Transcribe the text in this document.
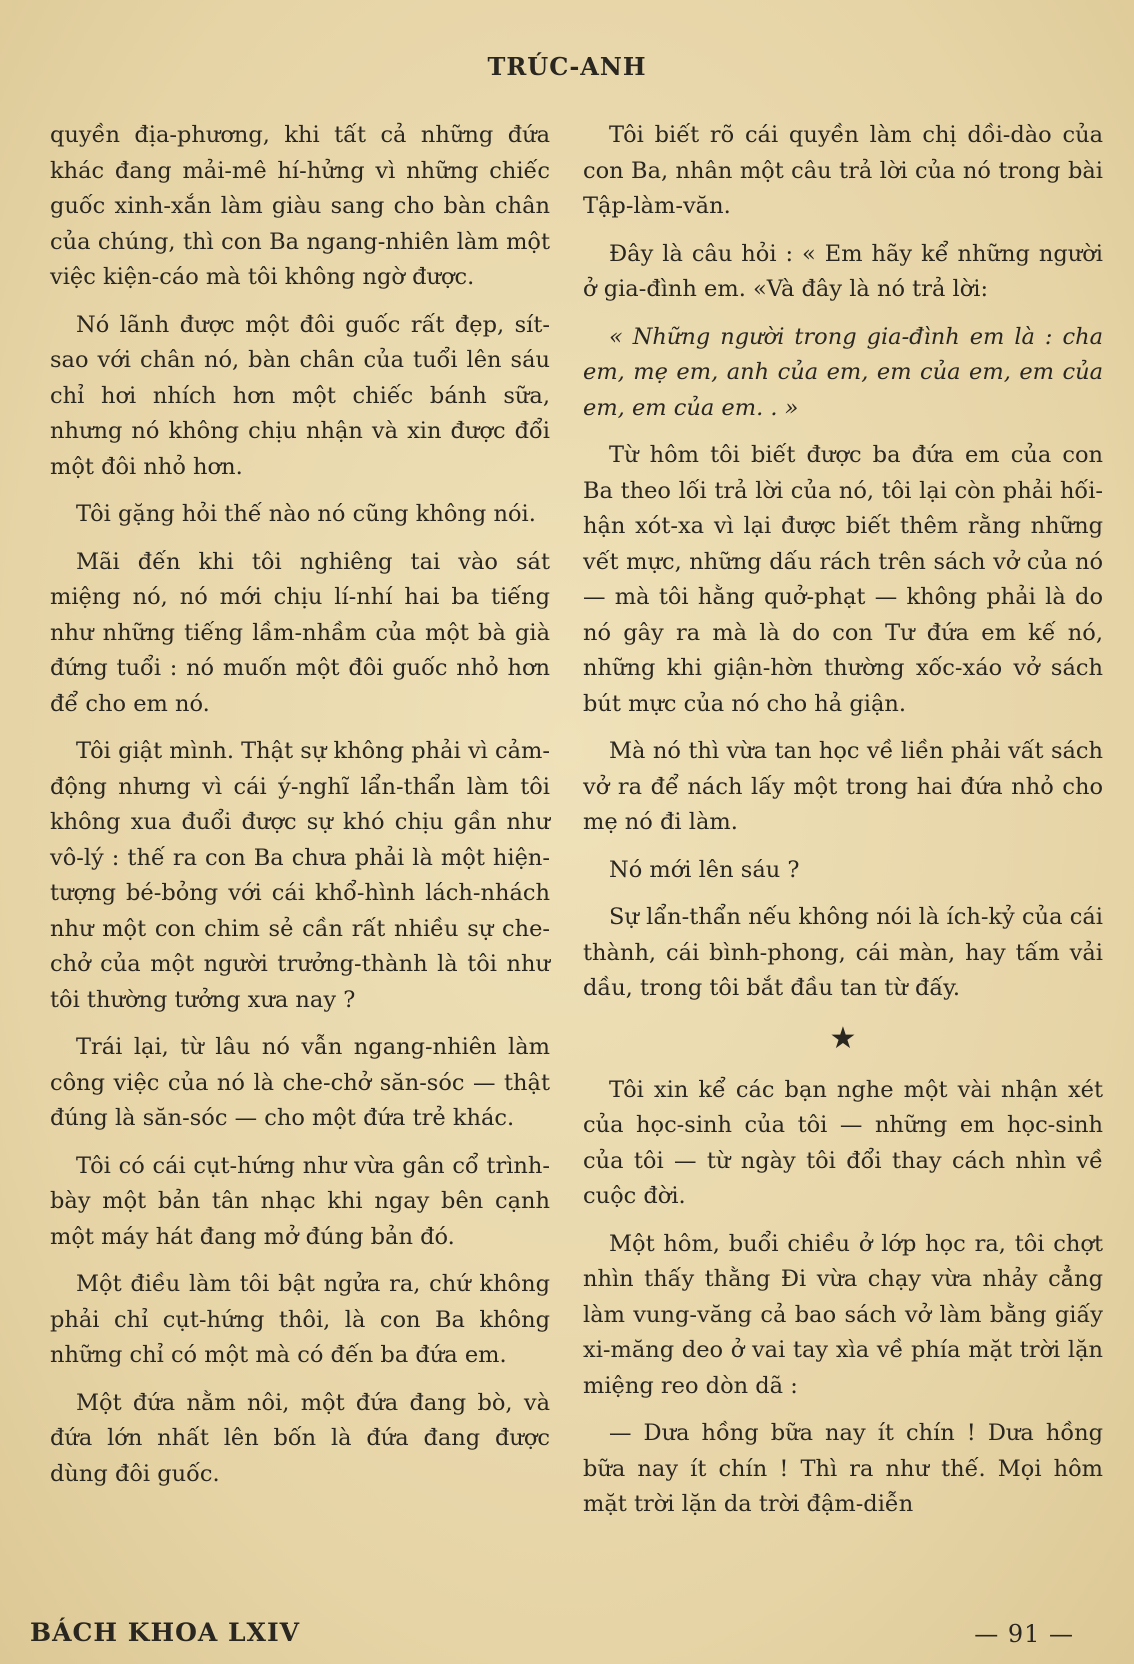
TRÚC-ANH

quyền địa-phương, khi tất cả những đứa khác đang mải-mê hí-hửng vì những chiếc guốc xinh-xắn làm giàu sang cho bàn chân của chúng, thì con Ba ngang-nhiên làm một việc kiện-cáo mà tôi không ngờ được.

Nó lãnh được một đôi guốc rất đẹp, sít-sao với chân nó, bàn chân của tuổi lên sáu chỉ hơi nhích hơn một chiếc bánh sữa, nhưng nó không chịu nhận và xin được đổi một đôi nhỏ hơn.

Tôi gặng hỏi thế nào nó cũng không nói.

Mãi đến khi tôi nghiêng tai vào sát miệng nó, nó mới chịu lí-nhí hai ba tiếng như những tiếng lầm-nhầm của một bà già đứng tuổi : nó muốn một đôi guốc nhỏ hơn để cho em nó.

Tôi giật mình. Thật sự không phải vì cảm-động nhưng vì cái ý-nghĩ lẩn-thẩn làm tôi không xua đuổi được sự khó chịu gần như vô-lý : thế ra con Ba chưa phải là một hiện-tượng bé-bỏng với cái khổ-hình lách-nhách như một con chim sẻ cần rất nhiều sự che-chở của một người trưởng-thành là tôi như tôi thường tưởng xưa nay ?

Trái lại, từ lâu nó vẫn ngang-nhiên làm công việc của nó là che-chở săn-sóc — thật đúng là săn-sóc — cho một đứa trẻ khác.

Tôi có cái cụt-hứng như vừa gân cổ trình-bày một bản tân nhạc khi ngay bên cạnh một máy hát đang mở đúng bản đó.

Một điều làm tôi bật ngửa ra, chứ không phải chỉ cụt-hứng thôi, là con Ba không những chỉ có một mà có đến ba đứa em.

Một đứa nằm nôi, một đứa đang bò, và đứa lớn nhất lên bốn là đứa đang được dùng đôi guốc.

Tôi biết rõ cái quyền làm chị dồi-dào của con Ba, nhân một câu trả lời của nó trong bài Tập-làm-văn.

Đây là câu hỏi : « Em hãy kể những người ở gia-đình em. «Và đây là nó trả lời:

« Những người trong gia-đình em là : cha em, mẹ em, anh của em, em của em, em của em, em của em. . »

Từ hôm tôi biết được ba đứa em của con Ba theo lối trả lời của nó, tôi lại còn phải hối-hận xót-xa vì lại được biết thêm rằng những vết mực, những dấu rách trên sách vở của nó — mà tôi hằng quở-phạt — không phải là do nó gây ra mà là do con Tư đứa em kế nó, những khi giận-hờn thường xốc-xáo vở sách bút mực của nó cho hả giận.

Mà nó thì vừa tan học về liền phải vất sách vở ra để nách lấy một trong hai đứa nhỏ cho mẹ nó đi làm.

Nó mới lên sáu ?

Sự lẩn-thẩn nếu không nói là ích-kỷ của cái thành, cái bình-phong, cái màn, hay tấm vải dầu, trong tôi bắt đầu tan từ đấy.

★

Tôi xin kể các bạn nghe một vài nhận xét của học-sinh của tôi — những em học-sinh của tôi — từ ngày tôi đổi thay cách nhìn về cuộc đời.

Một hôm, buổi chiều ở lớp học ra, tôi chợt nhìn thấy thằng Đi vừa chạy vừa nhảy cẳng làm vung-văng cả bao sách vở làm bằng giấy xi-măng deo ở vai tay xìa về phía mặt trời lặn miệng reo dòn dã :

— Dưa hồng bữa nay ít chín ! Dưa hồng bữa nay ít chín ! Thì ra như thế. Mọi hôm mặt trời lặn da trời đậm-diễn

BÁCH KHOA LXIV	— 91 —
